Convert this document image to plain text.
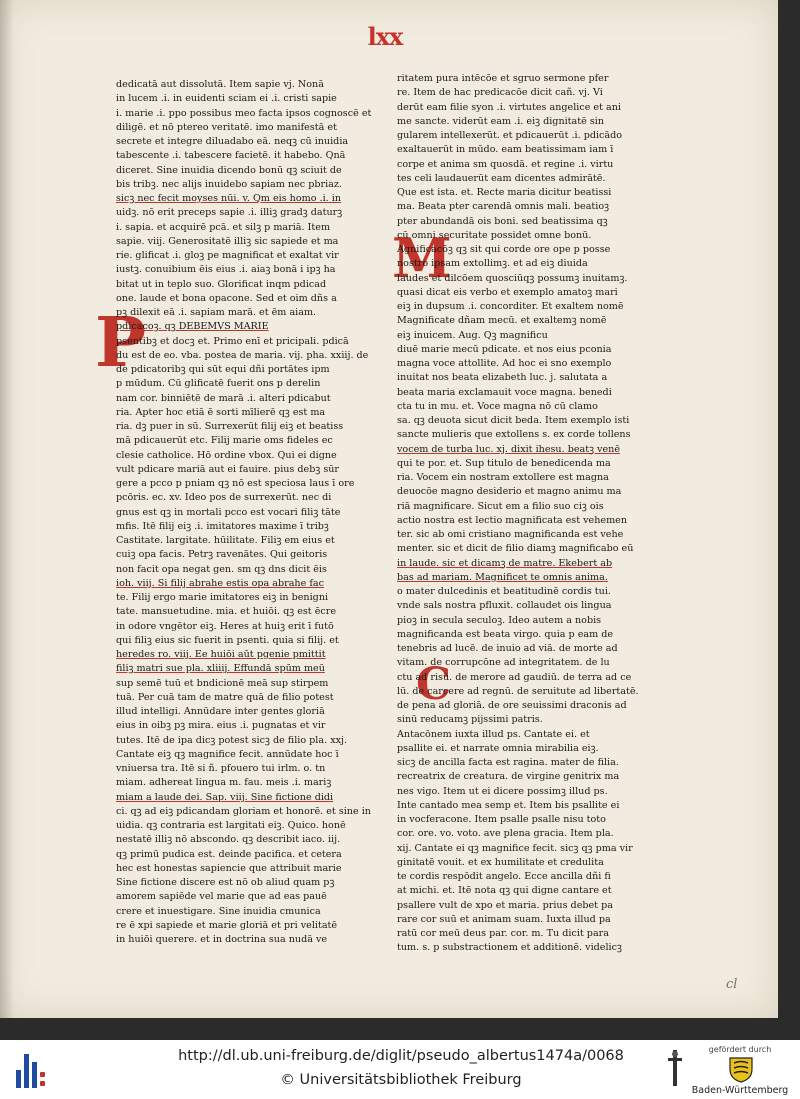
lxx
P
M
C
dedicatā aut dissolutā. Item sapie vj. Nonā
in lucem .i. in euidenti sciam ei .i. cristi sapie
i. marie .i. ppo possibus meo facta ipsos cognoscē et
diligē. et nō ptereo veritatē. imo manifestā et
secrete et integre diluadabo eā. neqꝫ cū inuidia
tabescente .i. tabescere facietē. it habebo. Qnā
diceret. Sine inuidia dicendo bonū qꝫ sciuit de
bis tribꝫ. nec alijs inuidebo sapiam nec pbriaz.
sicꝫ nec fecit moyses nūi. v. Qm eis homo .i. in
uidꝫ. nō erit preceps sapie .i. illiꝫ gradꝫ daturꝫ
i. sapia. et acquirē pcā. et silꝫ p mariā. Item
sapie. viij. Generositatē illiꝫ sic sapiede et ma
rie. glificat .i. gloꝫ pe magnificat et exaltat vir
iustꝫ. conuibium ēis eius .i. aiaꝫ bonā i ipꝫ ha
bitat ut in teplo suo. Glorificat inqm pdicad
one. laude et bona opacone. Sed et oim dñs a
pꝫ dilexit eā .i. sapiam marā. et ēm aiam.
pdicacoꝫ. qꝫ DEBEMVS MARIE
psentibꝫ et docꝫ et. Primo enī et pricipali. pdicā
du est de eo. vba. postea de maria. vij. pha. xxiij. de
de pdicatoribꝫ qui sūt equi dñi portātes ipm
p mūdum. Cū glificatē fuerit ons p derelin
nam cor. binniētē de marā .i. alteri pdicabut
ria. Apter hoc etiā ē sorti mīlierē qꝫ est ma
ria. dꝫ puer in sū. Surrexerūt filij eiꝫ et beatiss
mā pdicauerūt etc. Filij marie oms fideles ec
clesie catholice. Hō ordine vbox. Qui ei digne
vult pdicare mariā aut ei fauire. pius debꝫ sūr
gere a pcco p pniam qꝫ nō est speciosa laus ī ore
pcōris. ec. xv. Ideo pos de surrexerūt. nec di
gnus est qꝫ in mortali pcco est vocari filiꝫ tāte
mfis. Itē filij eiꝫ .i. imitatores maxime ī tribꝫ
Castitate. largitate. hūilitate. Filiꝫ em eius et
cuiꝫ opa facis. Petrꝫ ravenātes. Qui geitoris
non facit opa negat gen. sm qꝫ dns dicit ēis
ioh. viij. Si filij abrahe estis opa abrahe fac
te. Filij ergo marie imitatores eiꝫ in benigni
tate. mansuetudine. mia. et huiōi. qꝫ est ēcre
in odore vngētor eiꝫ. Heres at huiꝫ erit ī futō
qui filiꝫ eius sic fuerit in psenti. quia si filij. et
heredes ro. viij. Ee huiōi aūt pgenie pmittit
filiꝫ matri sue pla. xliiij. Effundā spūm meū
sup semē tuū et bndicionē meā sup stirpem
tuā. Per cuā tam de matre quā de filio potest
illud intelligi. Annūdare inter gentes gloriā
eius in oibꝫ pꝫ mira. eius .i. pugnatas et vir
tutes. Itē de ipa dicꝫ potest sicꝫ de filio pla. xxj.
Cantate eiꝫ qꝫ magnifice fecit. annūdate hoc ī
vniuersa tra. Itē si ñ. pfouero tui irlm. o. tn
miam. adhereat lingua m. fau. meis .i. mariꝫ
miam a laude dei. Sap. viij. Sine fictione didi
ci. qꝫ ad eiꝫ pdicandam gloriam et honorē. et sine in
uidia. qꝫ contraria est largitati eiꝫ. Quico. honē
nestatē illiꝫ nō abscondo. qꝫ describit iaco. iij.
qꝫ primū pudica est. deinde pacifica. et cetera
hec est honestas sapiencie que attribuit marie
Sine fictione discere est nō ob aliud quam pꝫ
amorem sapiēde vel marie que ad eas pauē
crere et inuestigare. Sine inuidia cmunica
re ē xpi sapiede et marie gloriā et pri velitatē
in huiōi querere. et in doctrina sua nudā ve
ritatem pura intēcōe et sgruo sermone pfer
re. Item de hac predicacōe dicit cañ. vj. Vi
derūt eam filie syon .i. virtutes angelice et ani
me sancte. viderūt eam .i. eiꝫ dignitatē sin
gularem intellexerūt. et pdicauerūt .i. pdicādo
exaltauerūt in mūdo. eam beatissimam iam ī
corpe et anima sm quosdā. et regine .i. virtu
tes celi laudauerūt eam dicentes admirātē.
Que est ista. et. Recte maria dicitur beatissi
ma. Beata pter carendā omnis mali. beatioꝫ
pter abundandā ois boni. sed beatissima qꝫ
cū omni securitate possidet omne bonū.
Agnificacōꝫ qꝫ sit qui corde ore ope p posse
nostro ipsam extollimꝫ. et ad eiꝫ diuida
laudes et dilcōem quosciūqꝫ possumꝫ inuitamꝫ.
quasi dicat eis verbo et exemplo amatoꝫ mari
eiꝫ in dupsum .i. concorditer. Et exaltem nomē
Magnificate dñam mecū. et exaltemꝫ nomē
eiꝫ inuicem. Aug. Qꝫ magnificu
diuē marie mecū pdicate. et nos eius pconia
magna voce attollite. Ad hoc ei sno exemplo
inuitat nos beata elizabeth luc. j. salutata a
beata maria exclamauit voce magna. benedi
cta tu in mu. et. Voce magna nō cū clamo
sa. qꝫ deuota sicut dicit beda. Item exemplo isti
sancte mulieris que extollens s. ex corde tollens
vocem de turba luc. xj. dixit ihesu. beatꝫ venē
qui te por. et. Sup titulo de benedicenda ma
ria. Vocem ein nostram extollere est magna
deuocōe magno desiderio et magno animu ma
riā magnificare. Sicut em a filio suo ciꝫ ois
actio nostra est lectio magnificata est vehemen
ter. sic ab omi cristiano magnificanda est vehe
menter. sic et dicit de filio diamꝫ magnificabo eū
in laude. sic et dicamꝫ de matre. Ekebert ab
bas ad mariam. Magnificet te omnis anima.
o mater dulcedinis et beatitudinē cordis tui.
vnde sals nostra pfluxit. collaudet ois lingua
pioꝫ in secula seculoꝫ. Ideo autem a nobis
magnificanda est beata virgo. quia p eam de
tenebris ad lucē. de inuio ad viā. de morte ad
vitam. de corrupcōne ad integritatem. de lu
ctu ad risū. de merore ad gaudiū. de terra ad ce
lū. de carcere ad regnū. de seruitute ad libertatē.
de pena ad gloriā. de ore seuissimi draconis ad
sinū reducamꝫ pijssimi patris.
Antacōnem iuxta illud ps. Cantate ei. et
psallite ei. et narrate omnia mirabilia eiꝫ.
sicꝫ de ancilla facta est ragina. mater de filia.
recreatrix de creatura. de virgine genitrix ma
nes vigo. Item ut ei dicere possimꝫ illud ps.
Inte cantado mea semp et. Item bis psallite ei
in vocferacone. Item psalle psalle nisu toto
cor. ore. vo. voto. ave plena gracia. Item pla.
xij. Cantate ei qꝫ magnifice fecit. sicꝫ qꝫ pma vir
ginitatē vouit. et ex humilitate et credulita
te cordis respōdit angelo. Ecce ancilla dñi fi
at michi. et. Itē nota qꝫ qui digne cantare et
psallere vult de xpo et maria. prius debet pa
rare cor suū et animam suam. Iuxta illud pa
ratū cor meū deus par. cor. m. Tu dicit para
tum. s. p substractionem et additionē. videlicꝫ
cl
http://dl.ub.uni-freiburg.de/diglit/pseudo_albertus1474a/0068
© Universitätsbibliothek Freiburg
gefördert durch
Baden-Württemberg
